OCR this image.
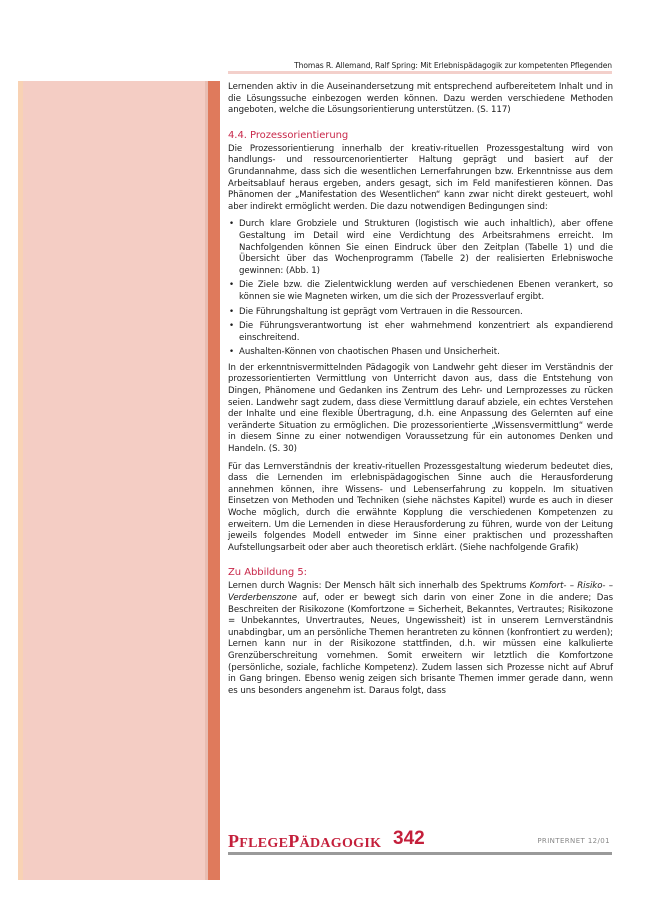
Thomas R. Allemand, Ralf Spring: Mit Erlebnispädagogik zur kompetenten Pflegenden

Lernenden aktiv in die Auseinandersetzung mit entsprechend aufbereitetem Inhalt und in die Lösungssuche einbezogen werden können. Dazu werden verschiedene Methoden angeboten, welche die Lösungsorientierung unterstützen. (S. 117)

4.4. Prozessorientierung

Die Prozessorientierung innerhalb der kreativ-rituellen Prozessgestaltung wird von handlungs- und ressourcenorientierter Haltung geprägt und basiert auf der Grundannahme, dass sich die wesentlichen Lernerfahrungen bzw. Erkenntnisse aus dem Arbeitsablauf heraus ergeben, anders gesagt, sich im Feld manifestieren können. Das Phänomen der „Manifestation des Wesentlichen“ kann zwar nicht direkt gesteuert, wohl aber indirekt ermöglicht werden. Die dazu notwendigen Bedingungen sind:

• Durch klare Grobziele und Strukturen (logistisch wie auch inhaltlich), aber offene Gestaltung im Detail wird eine Verdichtung des Arbeitsrahmens erreicht. Im Nachfolgenden können Sie einen Eindruck über den Zeitplan (Tabelle 1) und die Übersicht über das Wochenprogramm (Tabelle 2) der realisierten Erlebniswoche gewinnen: (Abb. 1)
• Die Ziele bzw. die Zielentwicklung werden auf verschiedenen Ebenen verankert, so können sie wie Magneten wirken, um die sich der Prozessverlauf ergibt.
• Die Führungshaltung ist geprägt vom Vertrauen in die Ressourcen.
• Die Führungsverantwortung ist eher wahrnehmend konzentriert als expandierend einschreitend.
• Aushalten-Können von chaotischen Phasen und Unsicherheit.

In der erkenntnisvermittelnden Pädagogik von Landwehr geht dieser im Verständnis der prozessorientierten Vermittlung von Unterricht davon aus, dass die Entstehung von Dingen, Phänomene und Gedanken ins Zentrum des Lehr- und Lernprozesses zu rücken seien. Landwehr sagt zudem, dass diese Vermittlung darauf abziele, ein echtes Verstehen der Inhalte und eine flexible Übertragung, d.h. eine Anpassung des Gelernten auf eine veränderte Situation zu ermöglichen. Die prozessorientierte „Wissensvermittlung“ werde in diesem Sinne zu einer notwendigen Voraussetzung für ein autonomes Denken und Handeln. (S. 30)

Für das Lernverständnis der kreativ-rituellen Prozessgestaltung wiederum bedeutet dies, dass die Lernenden im erlebnispädagogischen Sinne auch die Herausforderung annehmen können, ihre Wissens- und Lebenserfahrung zu koppeln. Im situativen Einsetzen von Methoden und Techniken (siehe nächstes Kapitel) wurde es auch in dieser Woche möglich, durch die erwähnte Kopplung die verschiedenen Kompetenzen zu erweitern. Um die Lernenden in diese Herausforderung zu führen, wurde von der Leitung jeweils folgendes Modell entweder im Sinne einer praktischen und prozesshaften Aufstellungsarbeit oder aber auch theoretisch erklärt. (Siehe nachfolgende Grafik)

Zu Abbildung 5:

Lernen durch Wagnis: Der Mensch hält sich innerhalb des Spektrums Komfort- – Risiko- – Verderbenszone auf, oder er bewegt sich darin von einer Zone in die andere; Das Beschreiten der Risikozone (Komfortzone = Sicherheit, Bekanntes, Vertrautes; Risikozone = Unbekanntes, Unvertrautes, Neues, Ungewissheit) ist in unserem Lernverständnis unabdingbar, um an persönliche Themen herantreten zu können (konfrontiert zu werden); Lernen kann nur in der Risikozone stattfinden, d.h. wir müssen eine kalkulierte Grenzüberschreitung vornehmen. Somit erweitern wir letztlich die Komfortzone (persönliche, soziale, fachliche Kompetenz). Zudem lassen sich Prozesse nicht auf Abruf in Gang bringen. Ebenso wenig zeigen sich brisante Themen immer gerade dann, wenn es uns besonders angenehm ist. Daraus folgt, dass

PFLEGEPÄDAGOGIK 342	PRINTERNET 12/01
